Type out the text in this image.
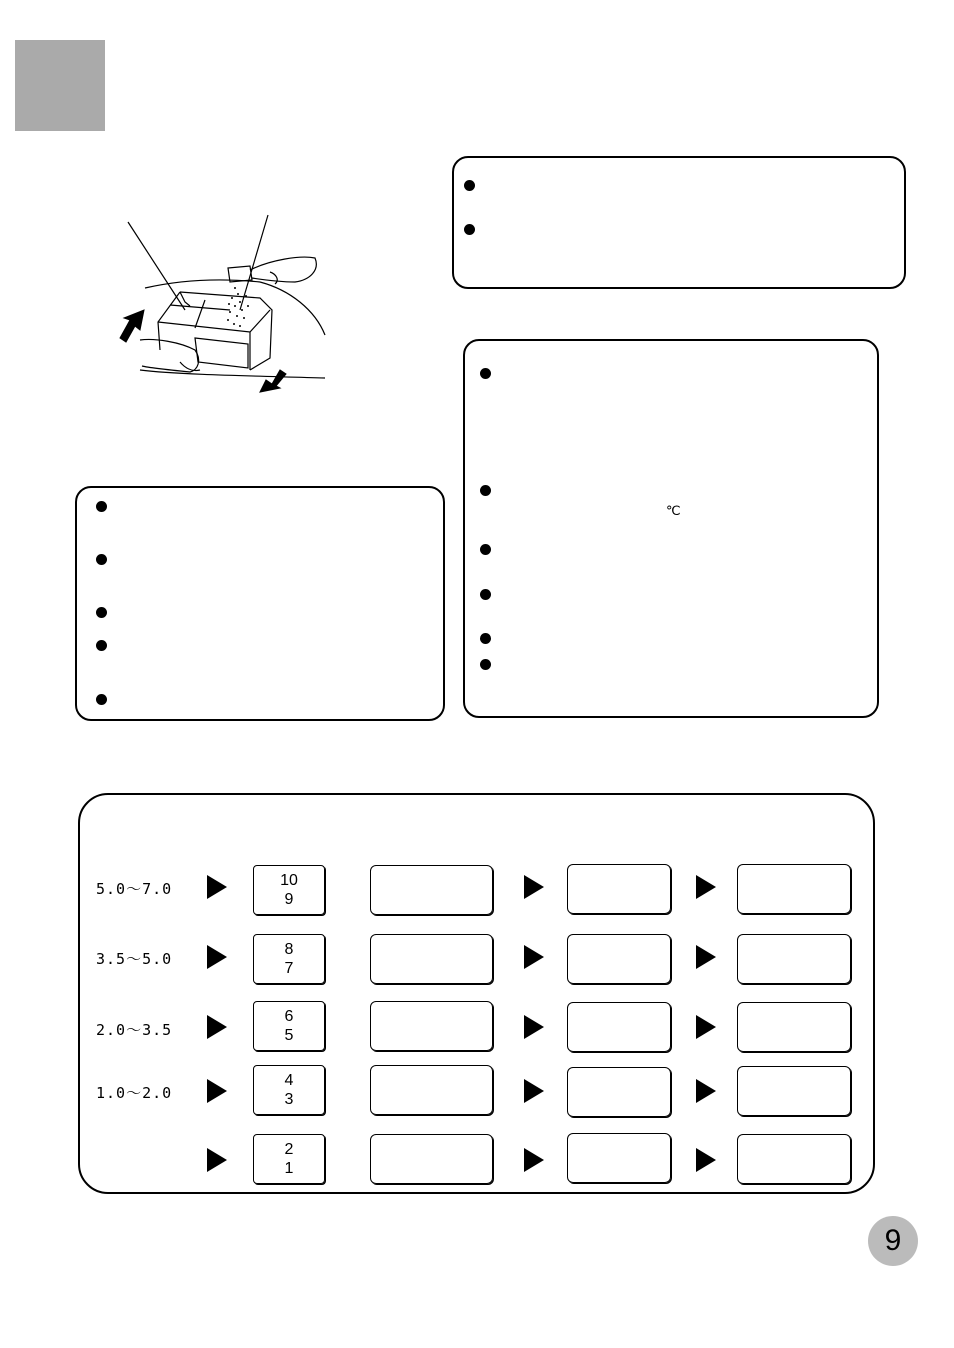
℃
5.0～7.0	10
9
3.5～5.0
8
7
2.0～3.5
6
5
1.0～2.0
4
3
2
1
9
